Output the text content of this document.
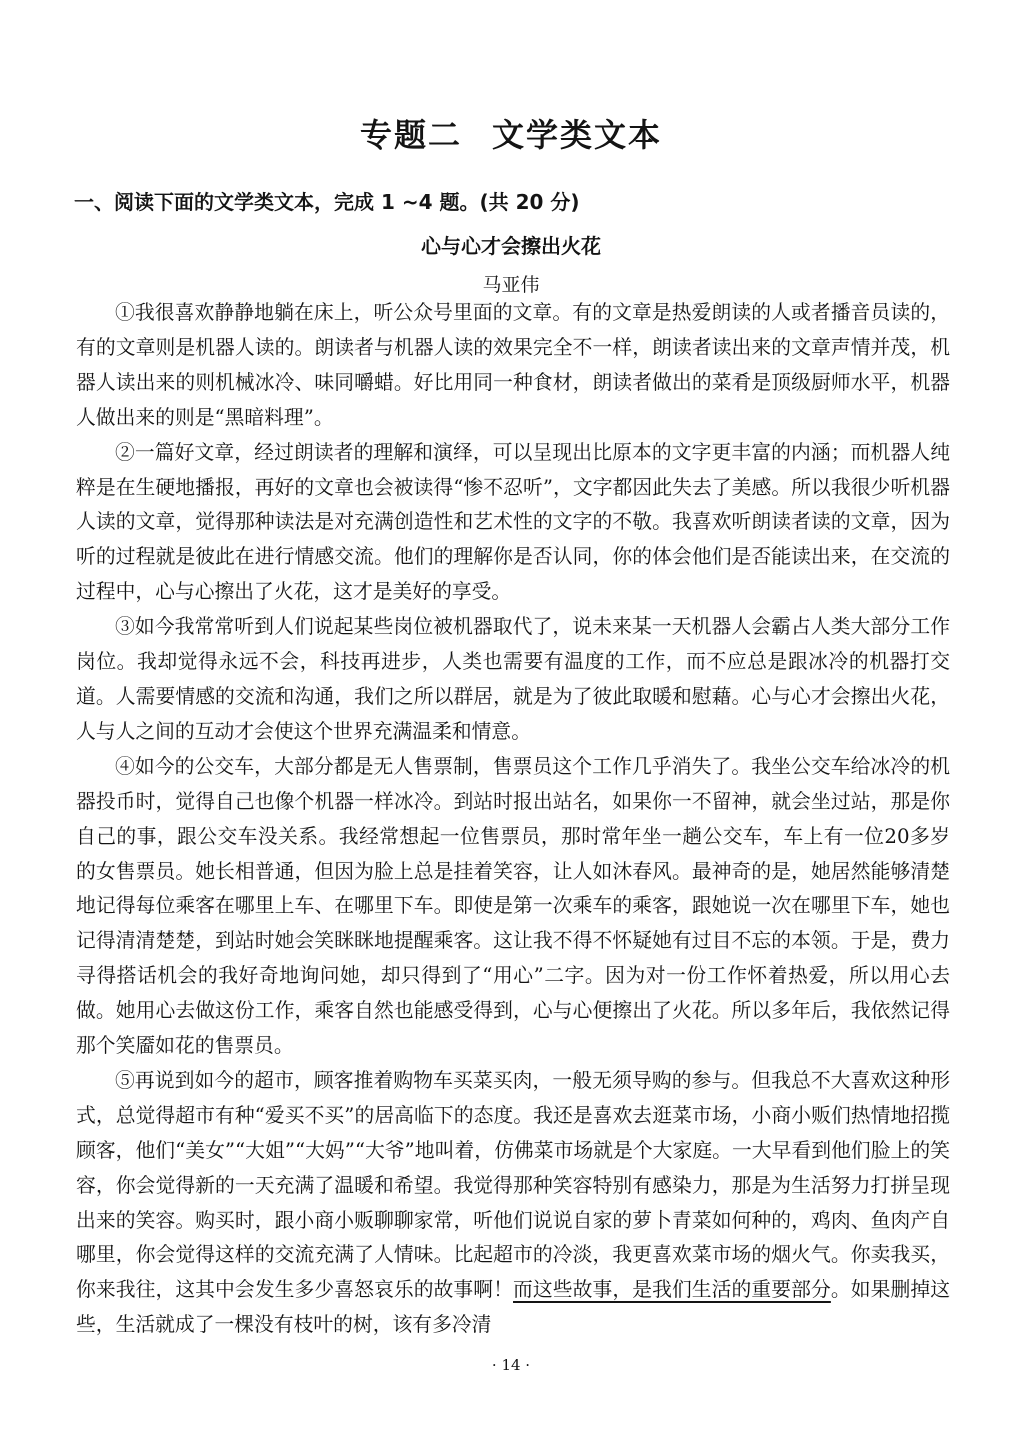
专题二 文学类文本
一、阅读下面的文学类文本，完成 1 ~4 题。(共 20 分)
心与心才会擦出火花
马亚伟

①我很喜欢静静地躺在床上，听公众号里面的文章。有的文章是热爱朗读的人或者播音员读的，有的文章则是机器人读的。朗读者与机器人读的效果完全不一样，朗读者读出来的文章声情并茂，机器人读出来的则机械冰冷、味同嚼蜡。好比用同一种食材，朗读者做出的菜肴是顶级厨师水平，机器人做出来的则是“黑暗料理”。

②一篇好文章，经过朗读者的理解和演绎，可以呈现出比原本的文字更丰富的内涵；而机器人纯粹是在生硬地播报，再好的文章也会被读得“惨不忍听”，文字都因此失去了美感。所以我很少听机器人读的文章，觉得那种读法是对充满创造性和艺术性的文字的不敬。我喜欢听朗读者读的文章，因为听的过程就是彼此在进行情感交流。他们的理解你是否认同，你的体会他们是否能读出来，在交流的过程中，心与心擦出了火花，这才是美好的享受。

③如今我常常听到人们说起某些岗位被机器取代了，说未来某一天机器人会霸占人类大部分工作岗位。我却觉得永远不会，科技再进步，人类也需要有温度的工作，而不应总是跟冰冷的机器打交道。人需要情感的交流和沟通，我们之所以群居，就是为了彼此取暖和慰藉。心与心才会擦出火花，人与人之间的互动才会使这个世界充满温柔和情意。

④如今的公交车，大部分都是无人售票制，售票员这个工作几乎消失了。我坐公交车给冰冷的机器投币时，觉得自己也像个机器一样冰冷。到站时报出站名，如果你一不留神，就会坐过站，那是你自己的事，跟公交车没关系。我经常想起一位售票员，那时常年坐一趟公交车，车上有一位20多岁的女售票员。她长相普通，但因为脸上总是挂着笑容，让人如沐春风。最神奇的是，她居然能够清楚地记得每位乘客在哪里上车、在哪里下车。即使是第一次乘车的乘客，跟她说一次在哪里下车，她也记得清清楚楚，到站时她会笑眯眯地提醒乘客。这让我不得不怀疑她有过目不忘的本领。于是，费力寻得搭话机会的我好奇地询问她，却只得到了“用心”二字。因为对一份工作怀着热爱，所以用心去做。她用心去做这份工作，乘客自然也能感受得到，心与心便擦出了火花。所以多年后，我依然记得那个笑靥如花的售票员。

⑤再说到如今的超市，顾客推着购物车买菜买肉，一般无须导购的参与。但我总不大喜欢这种形式，总觉得超市有种“爱买不买”的居高临下的态度。我还是喜欢去逛菜市场，小商小贩们热情地招揽顾客，他们“美女”“大姐”“大妈”“大爷”地叫着，仿佛菜市场就是个大家庭。一大早看到他们脸上的笑容，你会觉得新的一天充满了温暖和希望。我觉得那种笑容特别有感染力，那是为生活努力打拼呈现出来的笑容。购买时，跟小商小贩聊聊家常，听他们说说自家的萝卜青菜如何种的，鸡肉、鱼肉产自哪里，你会觉得这样的交流充满了人情味。比起超市的冷淡，我更喜欢菜市场的烟火气。你卖我买，你来我往，这其中会发生多少喜怒哀乐的故事啊！而这些故事，是我们生活的重要部分。如果删掉这些，生活就成了一棵没有枝叶的树，该有多冷清

· 14 ·
